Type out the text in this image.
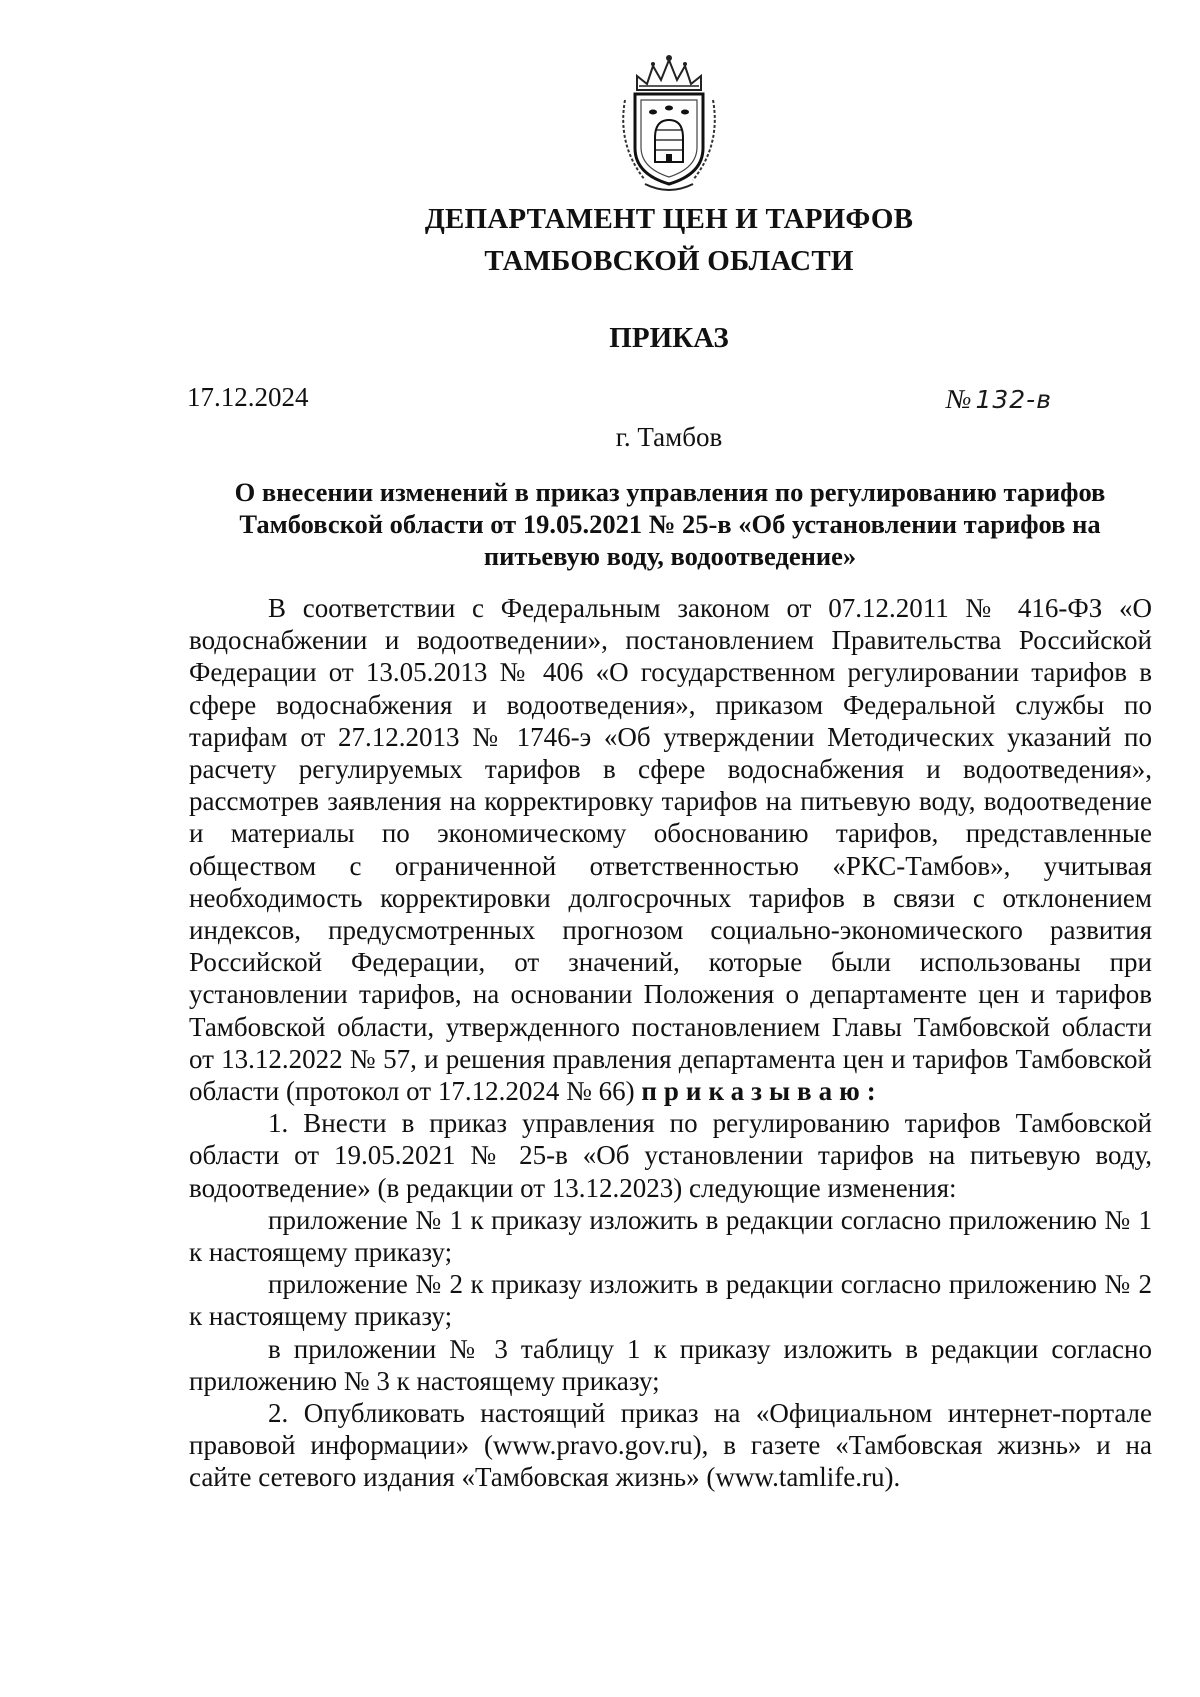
ДЕПАРТАМЕНТ ЦЕН И ТАРИФОВ
ТАМБОВСКОЙ ОБЛАСТИ
ПРИКАЗ
17.12.2024	№ 132-в
г. Тамбов
О внесении изменений в приказ управления по регулированию тарифов Тамбовской области от 19.05.2021 № 25-в «Об установлении тарифов на питьевую воду, водоотведение»

В соответствии с Федеральным законом от 07.12.2011 № 416-ФЗ «О водоснабжении и водоотведении», постановлением Правительства Российской Федерации от 13.05.2013 № 406 «О государственном регулировании тарифов в сфере водоснабжения и водоотведения», приказом Федеральной службы по тарифам от 27.12.2013 № 1746-э «Об утверждении Методических указаний по расчету регулируемых тарифов в сфере водоснабжения и водоотведения», рассмотрев заявления на корректировку тарифов на питьевую воду, водоотведение и материалы по экономическому обоснованию тарифов, представленные обществом с ограниченной ответственностью «РКС-Тамбов», учитывая необходимость корректировки долгосрочных тарифов в связи с отклонением индексов, предусмотренных прогнозом социально-экономического развития Российской Федерации, от значений, которые были использованы при установлении тарифов, на основании Положения о департаменте цен и тарифов Тамбовской области, утвержденного постановлением Главы Тамбовской области от 13.12.2022 № 57, и решения правления департамента цен и тарифов Тамбовской области (протокол от 17.12.2024 № 66) приказываю:

1. Внести в приказ управления по регулированию тарифов Тамбовской области от 19.05.2021 № 25-в «Об установлении тарифов на питьевую воду, водоотведение» (в редакции от 13.12.2023) следующие изменения:

приложение № 1 к приказу изложить в редакции согласно приложению № 1 к настоящему приказу;

приложение № 2 к приказу изложить в редакции согласно приложению № 2 к настоящему приказу;

в приложении № 3 таблицу 1 к приказу изложить в редакции согласно приложению № 3 к настоящему приказу;

2. Опубликовать настоящий приказ на «Официальном интернет-портале правовой информации» (www.pravo.gov.ru), в газете «Тамбовская жизнь» и на сайте сетевого издания «Тамбовская жизнь» (www.tamlife.ru).
